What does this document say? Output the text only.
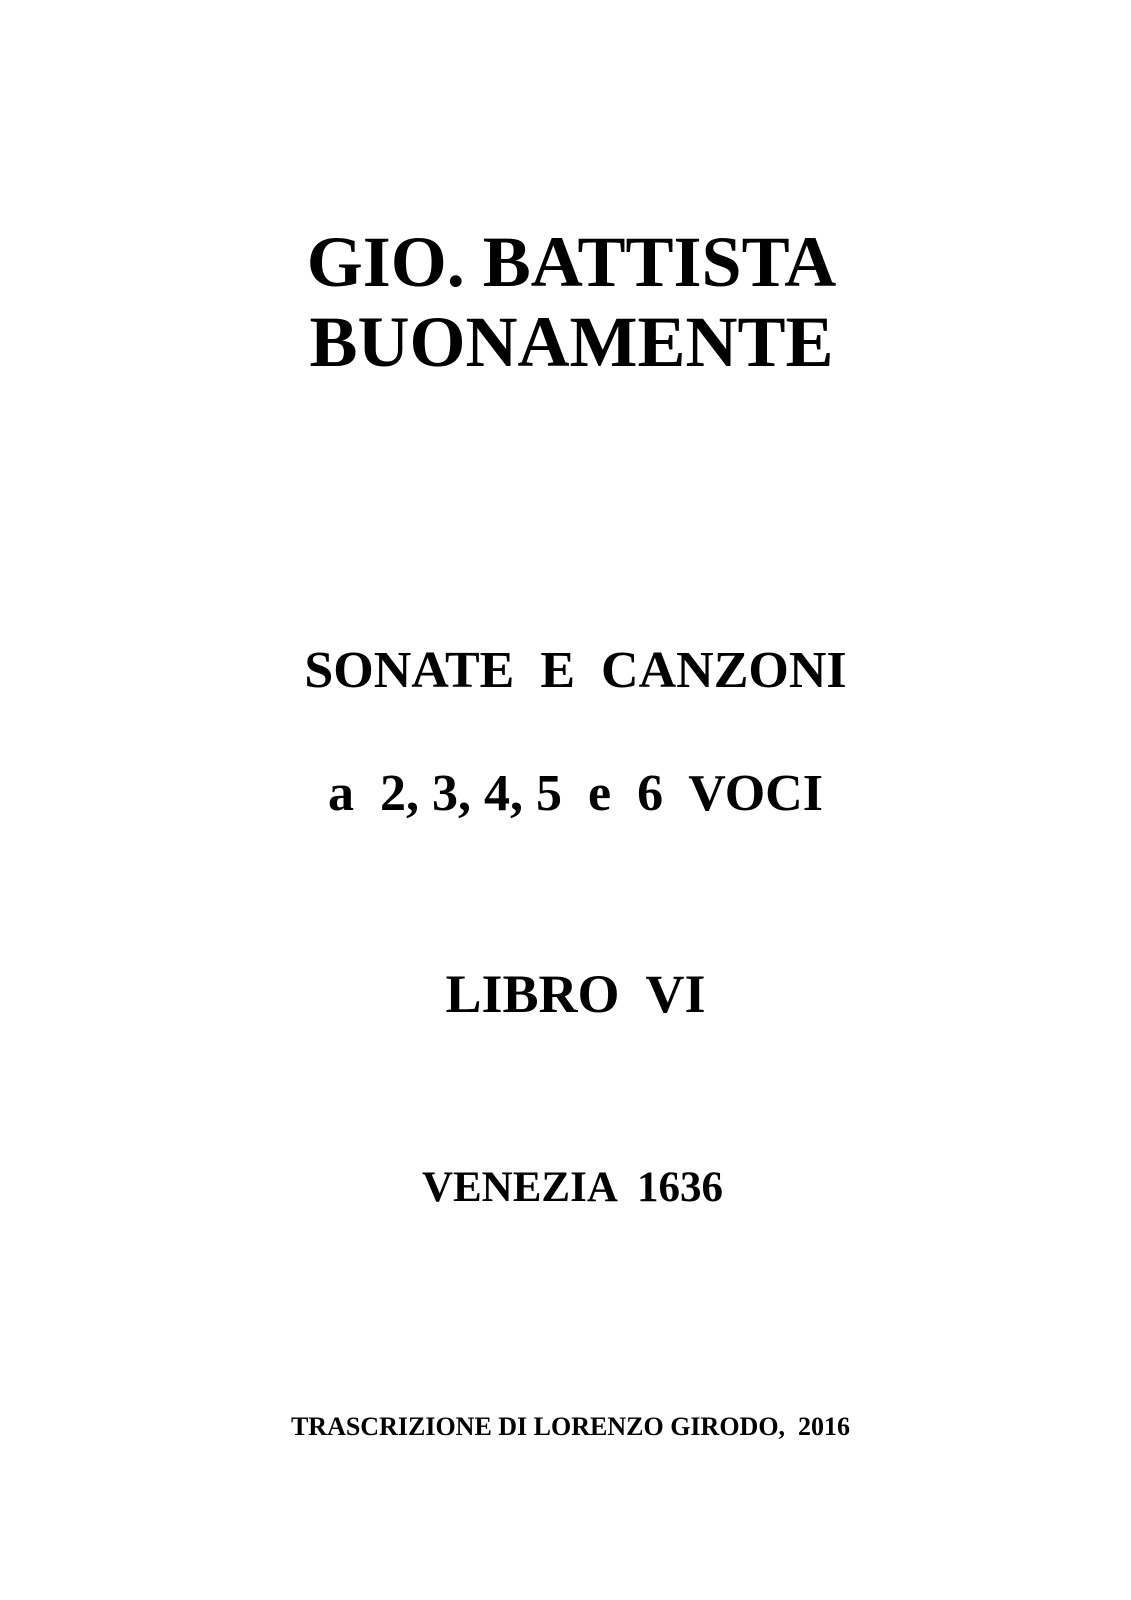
GIO. BATTISTA
BUONAMENTE
SONATE  E  CANZONI
a  2, 3, 4, 5  e  6  VOCI
LIBRO  VI
VENEZIA  1636
TRASCRIZIONE DI LORENZO GIRODO,  2016
